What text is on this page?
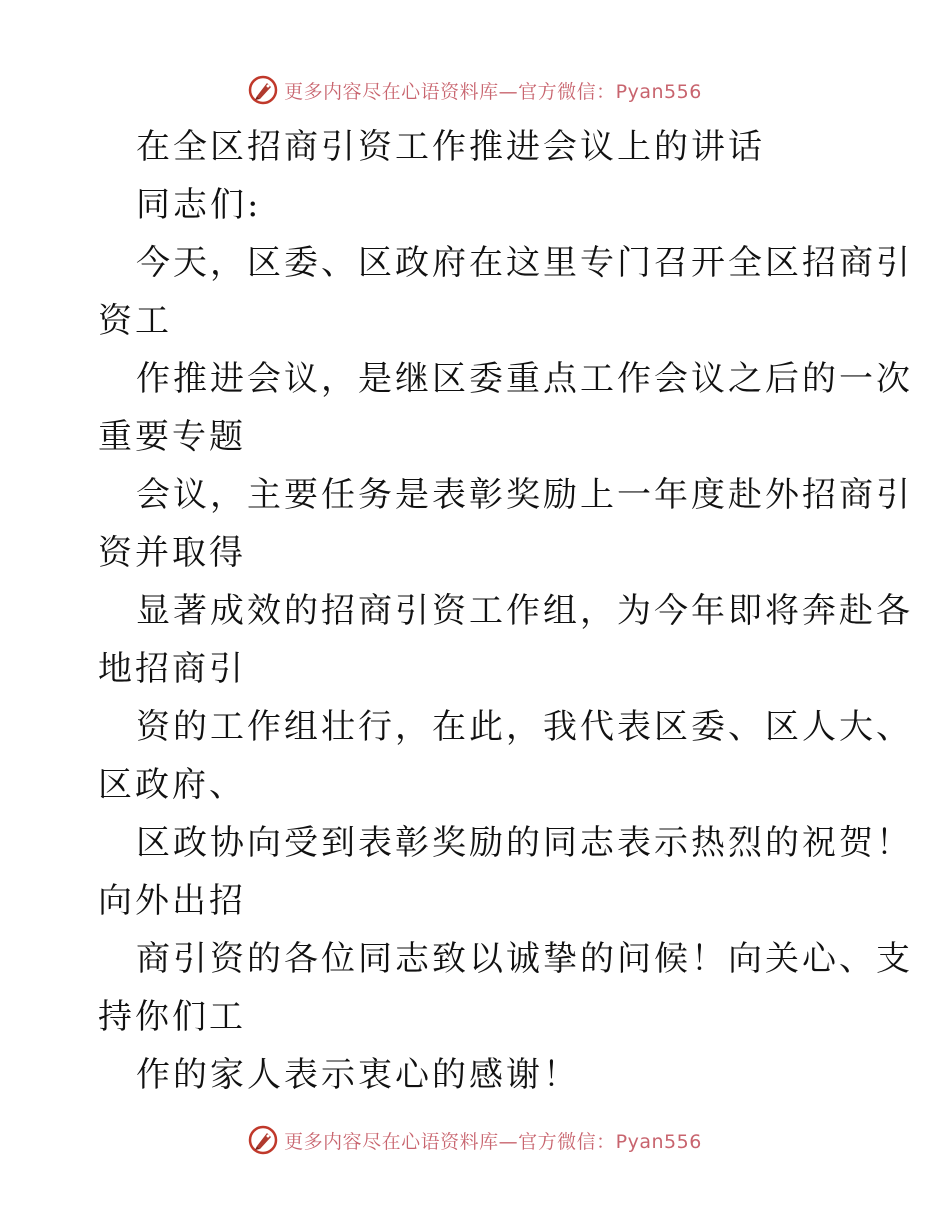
更多内容尽在心语资料库—官方微信：Pyan556
在全区招商引资工作推进会议上的讲话
同志们:
今天，区委、区政府在这里专门召开全区招商引
资工
作推进会议，是继区委重点工作会议之后的一次
重要专题
会议，主要任务是表彰奖励上一年度赴外招商引
资并取得
显著成效的招商引资工作组，为今年即将奔赴各
地招商引
资的工作组壮行，在此，我代表区委、区人大、
区政府、
区政协向受到表彰奖励的同志表示热烈的祝贺！
向外出招
商引资的各位同志致以诚挚的问候！向关心、支
持你们工
作的家人表示衷心的感谢！
更多内容尽在心语资料库—官方微信：Pyan556
